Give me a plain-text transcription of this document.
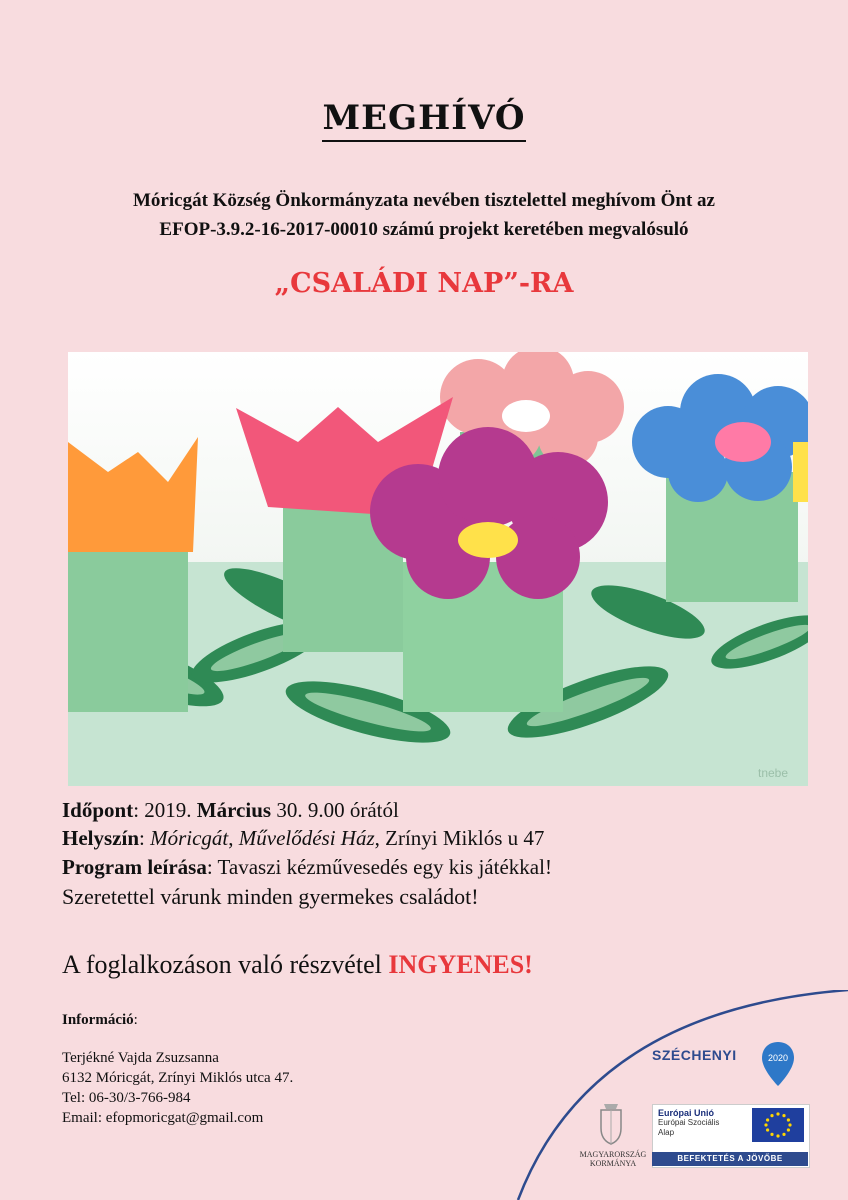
MEGHÍVÓ
Móricgát Község Önkormányzata nevében tisztelettel meghívom Önt az
EFOP-3.9.2-16-2017-00010 számú projekt keretében megvalósuló
„CSALÁDI NAP”-RA
tnebe
Időpont: 2019. Március 30. 9.00 órától
Helyszín: Móricgát, Művelődési Ház, Zrínyi Miklós u 47
Program leírása: Tavaszi kézművesedés egy kis játékkal!
Szeretettel várunk minden gyermekes családot!
A foglalkozáson való részvétel INGYENES!
Információ:
Terjékné Vajda Zsuzsanna
6132 Móricgát, Zrínyi Miklós utca 47.
Tel: 06-30/3-766-984
Email: efopmoricgat@gmail.com
SZÉCHENYI	2020
MAGYARORSZÁG
KORMÁNYA
Európai Unió
Európai Szociális
Alap
BEFEKTETÉS A JÖVŐBE
